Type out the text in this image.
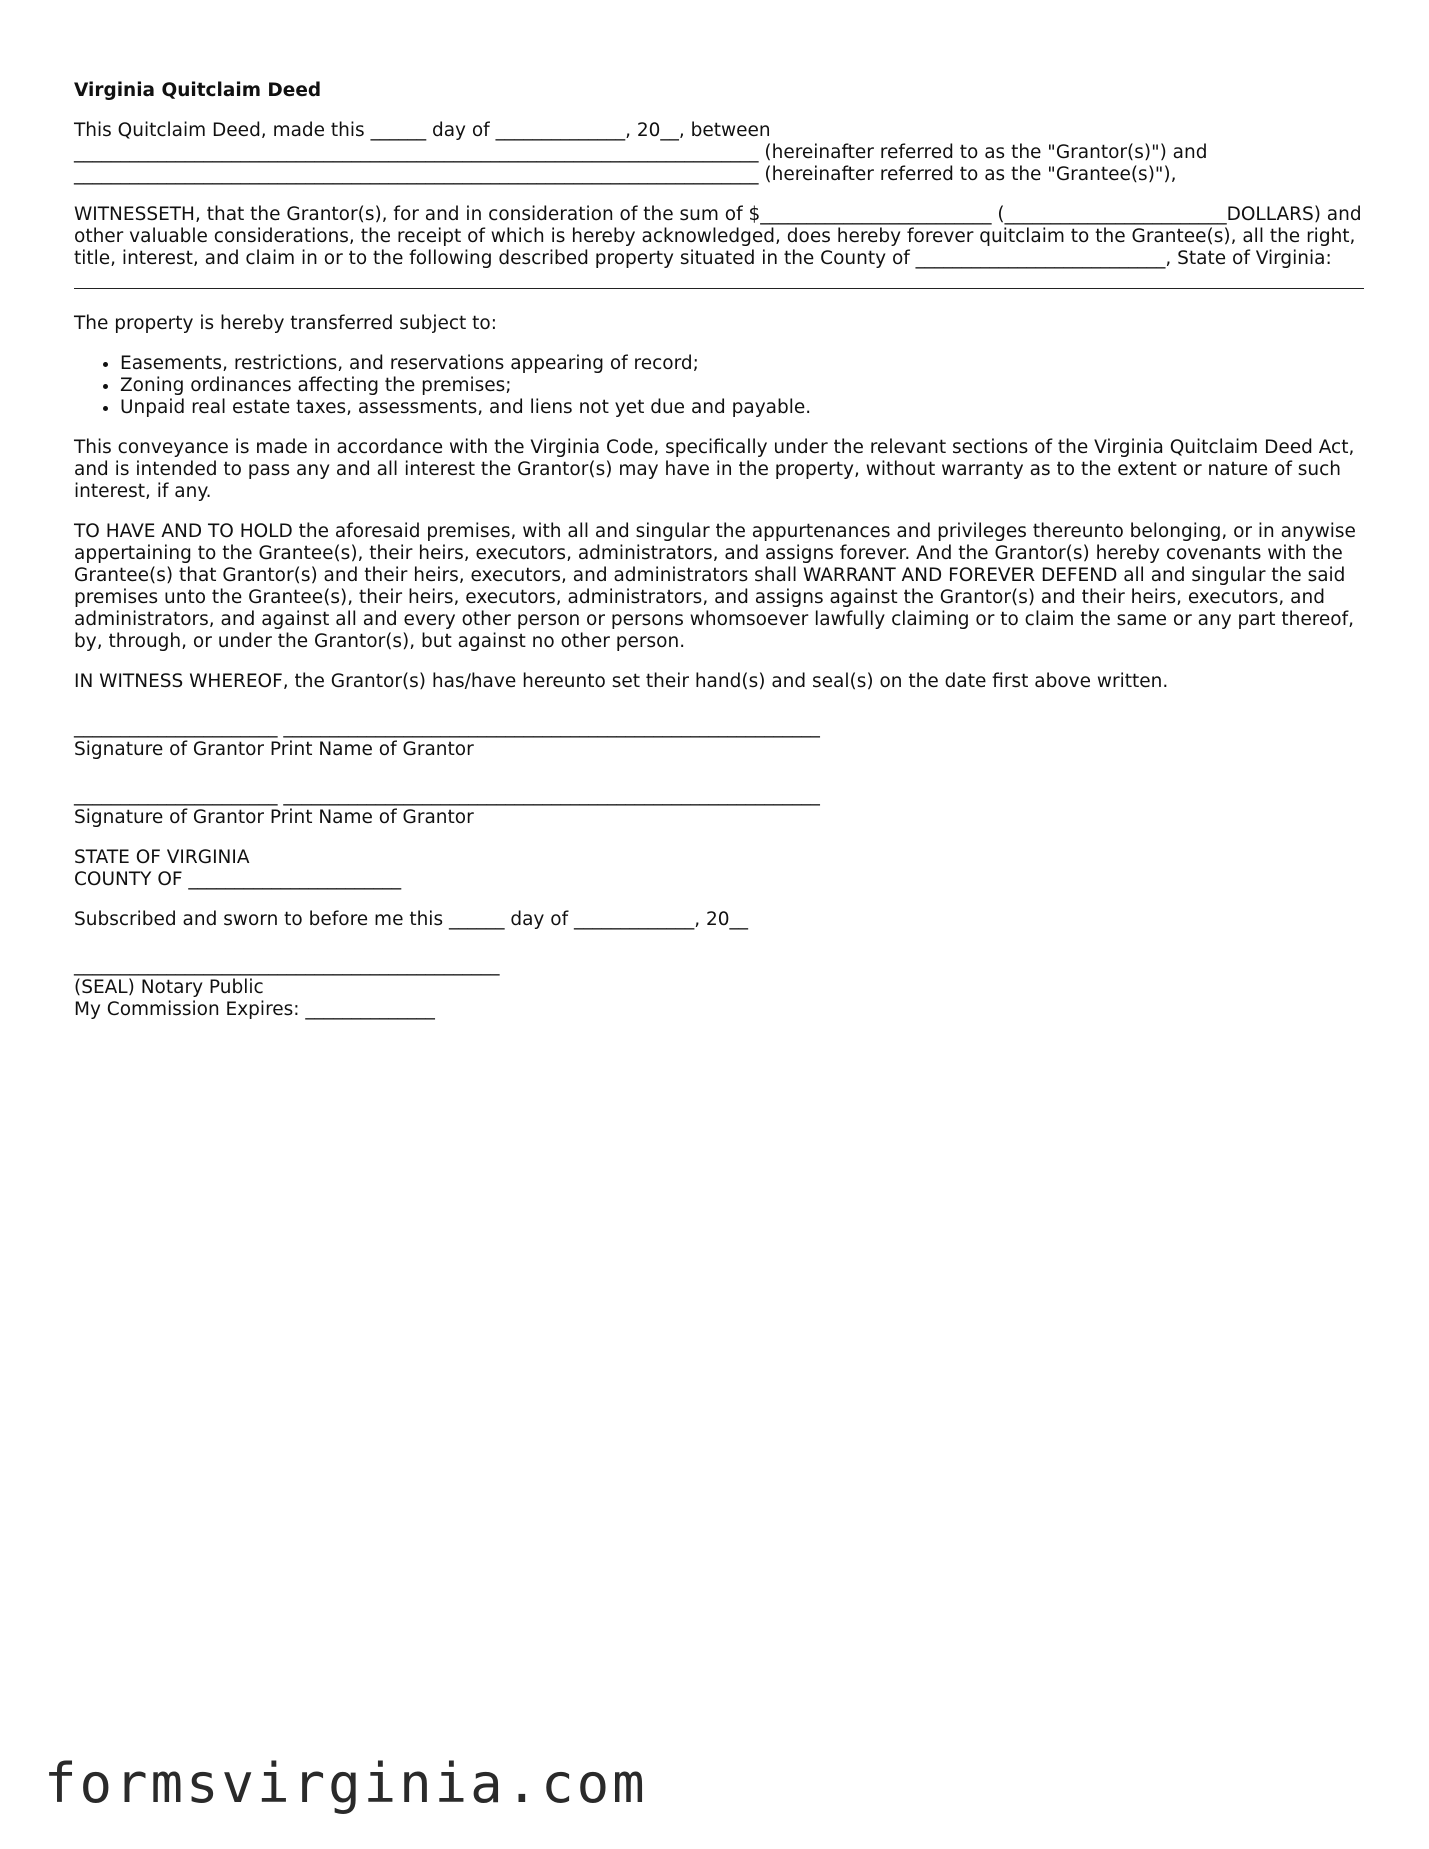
Virginia Quitclaim Deed

This Quitclaim Deed, made this ______ day of ______________, 20__, between
__________________________________________________________________________ (hereinafter referred to as the "Grantor(s)") and
__________________________________________________________________________ (hereinafter referred to as the "Grantee(s)"),

WITNESSETH, that the Grantor(s), for and in consideration of the sum of $_________________________ (________________________DOLLARS) and other valuable considerations, the receipt of which is hereby acknowledged, does hereby forever quitclaim to the Grantee(s), all the right, title, interest, and claim in or to the following described property situated in the County of ___________________________, State of Virginia:

The property is hereby transferred subject to:

• Easements, restrictions, and reservations appearing of record;
• Zoning ordinances affecting the premises;
• Unpaid real estate taxes, assessments, and liens not yet due and payable.

This conveyance is made in accordance with the Virginia Code, specifically under the relevant sections of the Virginia Quitclaim Deed Act, and is intended to pass any and all interest the Grantor(s) may have in the property, without warranty as to the extent or nature of such interest, if any.

TO HAVE AND TO HOLD the aforesaid premises, with all and singular the appurtenances and privileges thereunto belonging, or in anywise appertaining to the Grantee(s), their heirs, executors, administrators, and assigns forever. And the Grantor(s) hereby covenants with the Grantee(s) that Grantor(s) and their heirs, executors, and administrators shall WARRANT AND FOREVER DEFEND all and singular the said premises unto the Grantee(s), their heirs, executors, administrators, and assigns against the Grantor(s) and their heirs, executors, and administrators, and against all and every other person or persons whomsoever lawfully claiming or to claim the same or any part thereof, by, through, or under the Grantor(s), but against no other person.

IN WITNESS WHEREOF, the Grantor(s) has/have hereunto set their hand(s) and seal(s) on the date first above written.

______________________ __________________________________________________________
Signature of Grantor Print Name of Grantor
______________________ __________________________________________________________
Signature of Grantor Print Name of Grantor

STATE OF VIRGINIA
COUNTY OF _______________________

Subscribed and sworn to before me this ______ day of _____________, 20__

______________________________________________
(SEAL) Notary Public
My Commission Expires: ______________
formsvirginia.com
